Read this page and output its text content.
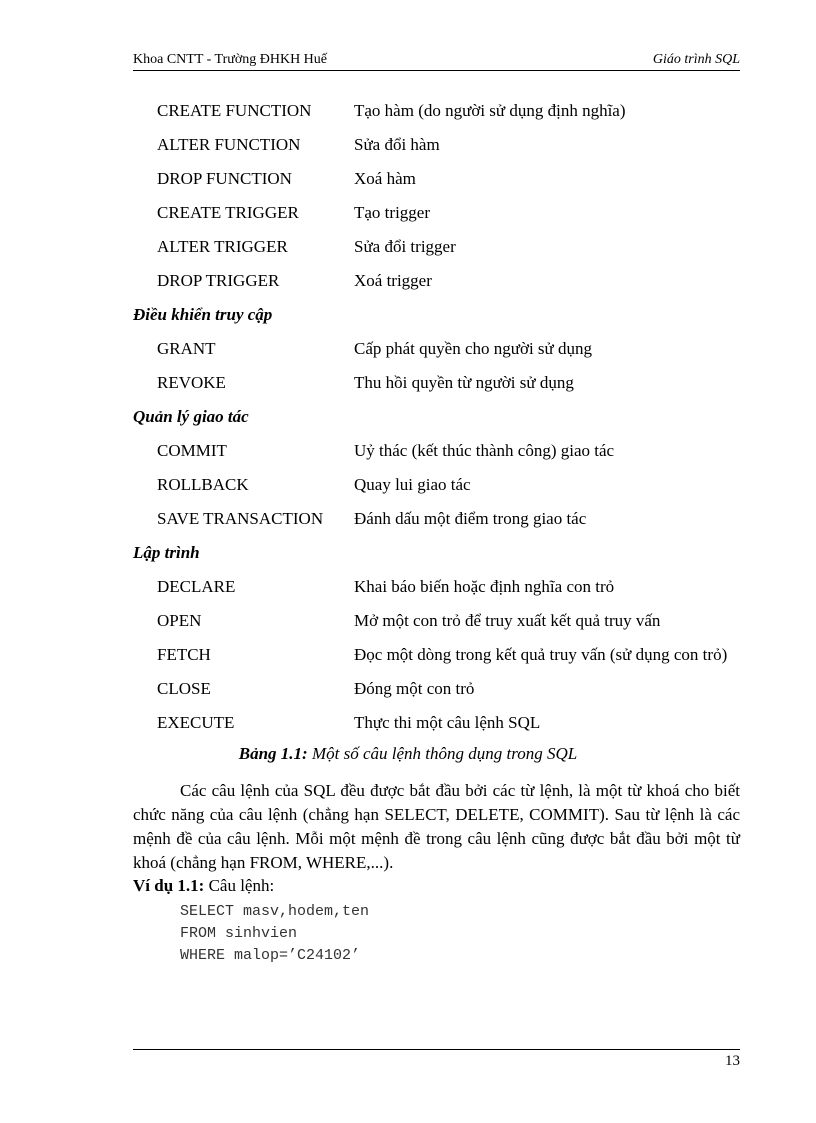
Khoa CNTT - Trường ĐHKH Huế	Giáo trình SQL
CREATE FUNCTION	Tạo hàm (do người sử dụng định nghĩa)
ALTER FUNCTION	Sửa đổi hàm
DROP FUNCTION	Xoá hàm
CREATE TRIGGER	Tạo trigger
ALTER TRIGGER	Sửa đổi trigger
DROP TRIGGER	Xoá trigger
Điều khiển truy cập
GRANT	Cấp phát quyền cho người sử dụng
REVOKE	Thu hồi quyền từ người sử dụng
Quản lý giao tác
COMMIT	Uỷ thác (kết thúc thành công) giao tác
ROLLBACK	Quay lui giao tác
SAVE TRANSACTION Đánh dấu một điểm trong giao tác
Lập trình
DECLARE	Khai báo biến hoặc định nghĩa con trỏ
OPEN	Mở một con trỏ để truy xuất kết quả truy vấn
FETCH	Đọc một dòng trong kết quả truy vấn (sử dụng con trỏ)
CLOSE	Đóng một con trỏ
EXECUTE	Thực thi một câu lệnh SQL
Bảng 1.1: Một số câu lệnh thông dụng trong SQL
Các câu lệnh của SQL đều được bắt đầu bởi các từ lệnh, là một từ khoá cho biết chức năng của câu lệnh (chẳng hạn SELECT, DELETE, COMMIT). Sau từ lệnh là các mệnh đề của câu lệnh. Mỗi một mệnh đề trong câu lệnh cũng được bắt đầu bởi một từ khoá (chẳng hạn FROM, WHERE,...).
Ví dụ 1.1: Câu lệnh:
SELECT masv,hodem,ten
FROM sinhvien
WHERE malop=’C24102’
13
